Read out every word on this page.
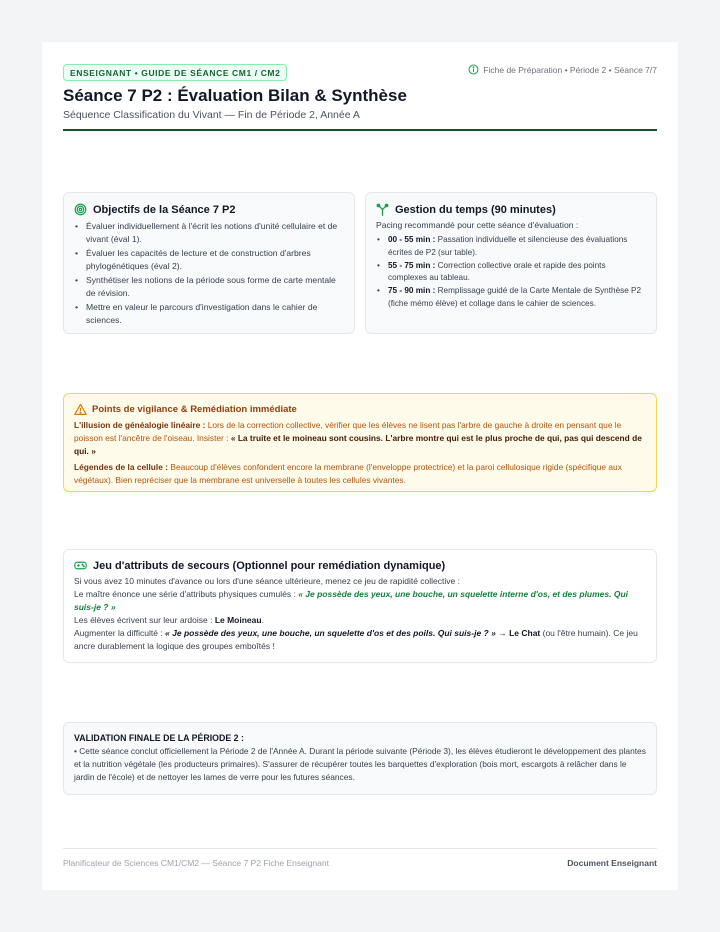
ENSEIGNANT • GUIDE DE SÉANCE CM1 / CM2	Fiche de Préparation • Période 2 • Séance 7/7
Séance 7 P2 : Évaluation Bilan & Synthèse
Séquence Classification du Vivant — Fin de Période 2, Année A
Objectifs de la Séance 7 P2
• Évaluer individuellement à l'écrit les notions d'unité cellulaire et de vivant (éval 1).
• Évaluer les capacités de lecture et de construction d'arbres phylogénétiques (éval 2).
• Synthétiser les notions de la période sous forme de carte mentale de révision.
• Mettre en valeur le parcours d'investigation dans le cahier de sciences.
Gestion du temps (90 minutes)

Pacing recommandé pour cette séance d'évaluation :

• 00 - 55 min : Passation individuelle et silencieuse des évaluations écrites de P2 (sur table).
• 55 - 75 min : Correction collective orale et rapide des points complexes au tableau.
• 75 - 90 min : Remplissage guidé de la Carte Mentale de Synthèse P2 (fiche mémo élève) et collage dans le cahier de sciences.
Points de vigilance & Remédiation immédiate

L'illusion de généalogie linéaire : Lors de la correction collective, vérifier que les élèves ne lisent pas l'arbre de gauche à droite en pensant que le poisson est l'ancêtre de l'oiseau. Insister : « La truite et le moineau sont cousins. L'arbre montre qui est le plus proche de qui, pas qui descend de qui. »

Légendes de la cellule : Beaucoup d'élèves confondent encore la membrane (l'enveloppe protectrice) et la paroi cellulosique rigide (spécifique aux végétaux). Bien repréciser que la membrane est universelle à toutes les cellules vivantes.

Jeu d'attributs de secours (Optionnel pour remédiation dynamique)

Si vous avez 10 minutes d'avance ou lors d'une séance ultérieure, menez ce jeu de rapidité collective :

Le maître énonce une série d'attributs physiques cumulés : « Je possède des yeux, une bouche, un squelette interne d'os, et des plumes. Qui suis-je ? »

Les élèves écrivent sur leur ardoise : Le Moineau.

Augmenter la difficulté : « Je possède des yeux, une bouche, un squelette d'os et des poils. Qui suis-je ? » → Le Chat (ou l'être humain). Ce jeu ancre durablement la logique des groupes emboîtés !

VALIDATION FINALE DE LA PÉRIODE 2 :

• Cette séance conclut officiellement la Période 2 de l'Année A. Durant la période suivante (Période 3), les élèves étudieront le développement des plantes et la nutrition végétale (les producteurs primaires). S'assurer de récupérer toutes les barquettes d'exploration (bois mort, escargots à relâcher dans le jardin de l'école) et de nettoyer les lames de verre pour les futures séances.

Planificateur de Sciences CM1/CM2 — Séance 7 P2 Fiche Enseignant	Document Enseignant
